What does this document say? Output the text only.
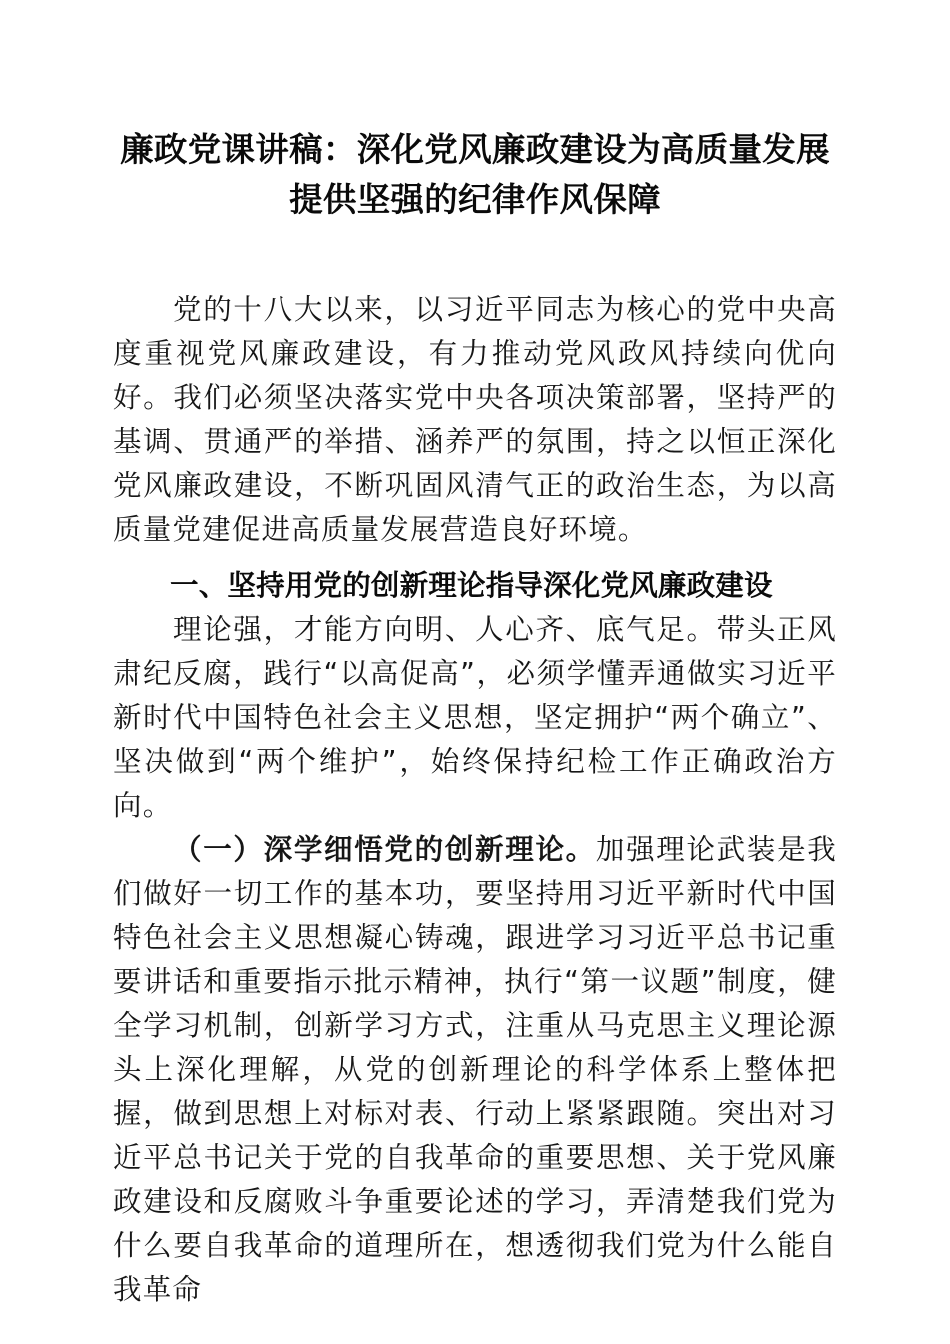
廉政党课讲稿：深化党风廉政建设为高质量发展提供坚强的纪律作风保障

党的十八大以来，以习近平同志为核心的党中央高度重视党风廉政建设，有力推动党风政风持续向优向好。我们必须坚决落实党中央各项决策部署，坚持严的基调、贯通严的举措、涵养严的氛围，持之以恒正深化党风廉政建设，不断巩固风清气正的政治生态，为以高质量党建促进高质量发展营造良好环境。

一、坚持用党的创新理论指导深化党风廉政建设

理论强，才能方向明、人心齐、底气足。带头正风肃纪反腐，践行“以高促高”，必须学懂弄通做实习近平新时代中国特色社会主义思想，坚定拥护“两个确立”、坚决做到“两个维护”，始终保持纪检工作正确政治方向。

（一）深学细悟党的创新理论。加强理论武装是我们做好一切工作的基本功，要坚持用习近平新时代中国特色社会主义思想凝心铸魂，跟进学习习近平总书记重要讲话和重要指示批示精神，执行“第一议题”制度，健全学习机制，创新学习方式，注重从马克思主义理论源头上深化理解，从党的创新理论的科学体系上整体把握，做到思想上对标对表、行动上紧紧跟随。突出对习近平总书记关于党的自我革命的重要思想、关于党风廉政建设和反腐败斗争重要论述的学习，弄清楚我们党为什么要自我革命的道理所在，想透彻我们党为什么能自我革命
